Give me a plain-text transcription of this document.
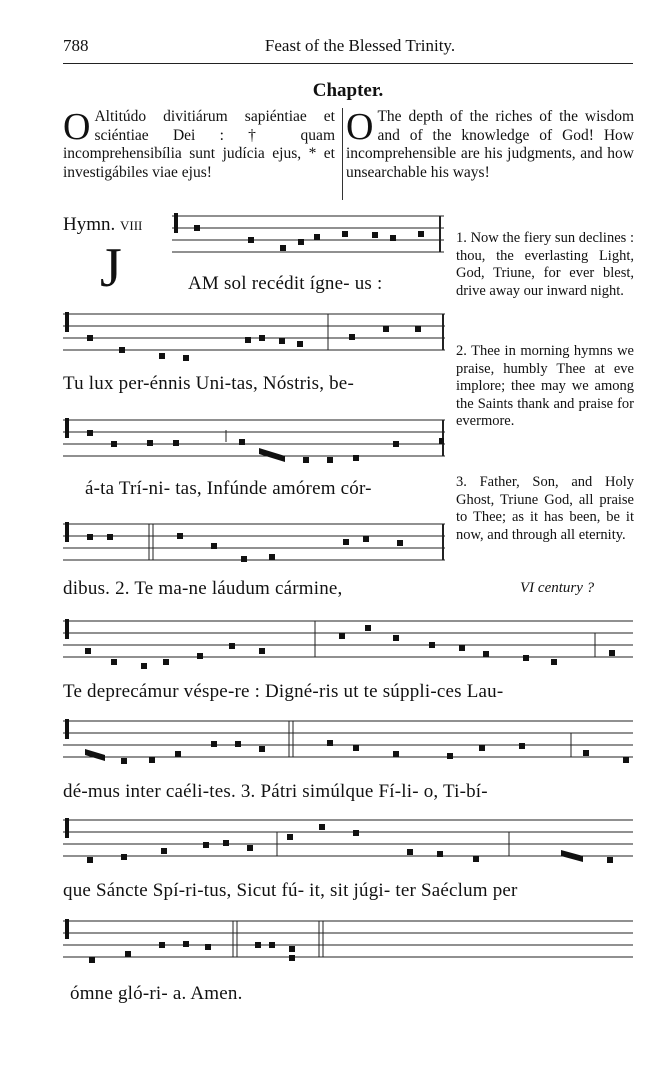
788	Feast of the Blessed Trinity.
Chapter.
O Altitúdo divitiárum sapiéntiae et sciéntiae Dei : † quam incomprehensibília sunt judícia ejus, * et investigábiles viae ejus!
O The depth of the riches of the wisdom and of the knowledge of God! How incomprehensible are his judgments, and how unsearchable his ways!
Hymn. VIII
J	AM sol recédit ígne- us :
Tu lux per-énnis Uni-tas, Nóstris, be-
á-ta Trí-ni- tas, Infúnde amórem cór-
dibus. 2. Te ma-ne láudum cármine,
1. Now the fiery sun declines : thou, the everlasting Light, God, Triune, for ever blest, drive away our inward night.
2. Thee in morning hymns we praise, humbly Thee at eve implore; thee may we among the Saints thank and praise for evermore.
3. Father, Son, and Holy Ghost, Triune God, all praise to Thee; as it has been, be it now, and through all eternity.
VI century ?
Te deprecámur véspe-re : Digné-ris ut te súppli-ces Lau-
dé-mus inter caéli-tes. 3. Pátri simúlque Fí-li- o, Ti-bí-
que Sáncte Spí-ri-tus, Sicut fú- it, sit júgi- ter Saéclum per
ómne gló-ri- a. Amen.
